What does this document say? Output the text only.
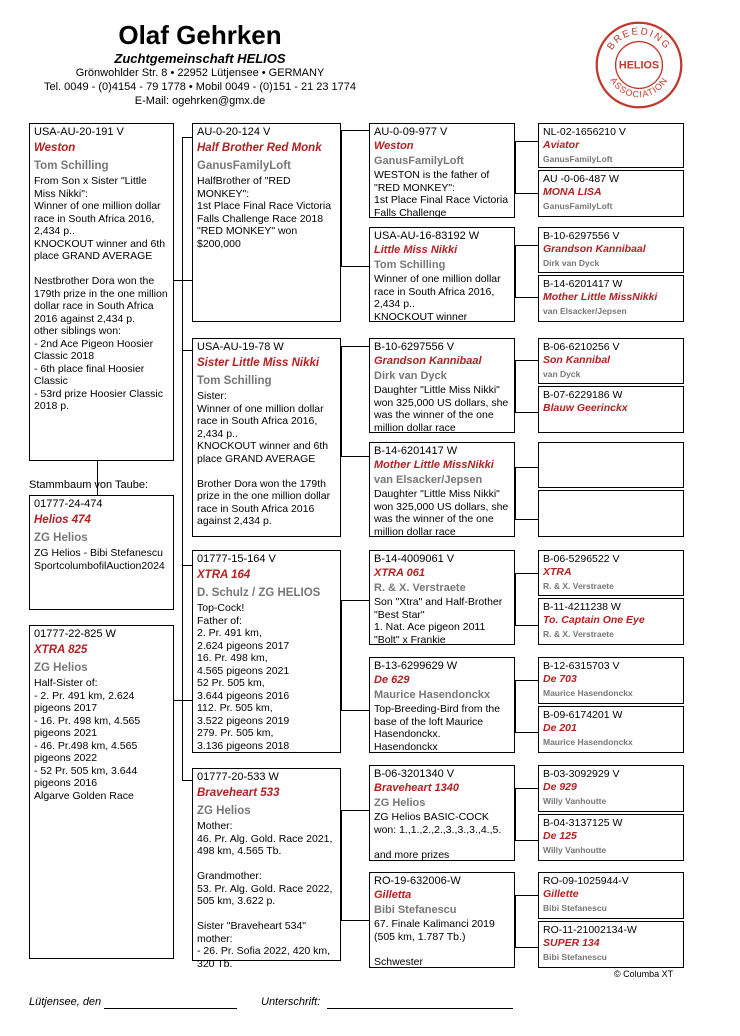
Olaf Gehrken
Zuchtgemeinschaft HELIOS
Grönwohlder Str. 8 • 22952 Lütjensee • GERMANY
Tel. 0049 - (0)4154 - 79 1778 • Mobil 0049 - (0)151 - 21 23 1774
E-Mail: ogehrken@gmx.de
BREEDING
ASSOCIATION
HELIOS
USA-AU-20-191 V
Weston
Tom Schilling
From Son x Sister "Little Miss Nikki":
Winner of one million dollar race in South Africa 2016, 2,434 p..
KNOCKOUT winner and 6th place GRAND AVERAGE

Nestbrother Dora won the 179th prize in the one million dollar race in South Africa 2016 against 2,434 p.
other siblings won:
- 2nd Ace Pigeon Hoosier Classic 2018
- 6th place final Hoosier Classic
- 53rd prize Hoosier Classic 2018 p.
Stammbaum von Taube:
01777-24-474
Helios 474
ZG Helios
ZG Helios - Bibi Stefanescu SportcolumbofilAuction2024
01777-22-825 W
XTRA 825
ZG Helios
Half-Sister of:
- 2. Pr. 491 km, 2.624 pigeons 2017
- 16. Pr. 498 km, 4.565 pigeons 2021
- 46. Pr.498 km, 4.565 pigeons 2022
- 52 Pr. 505 km, 3.644 pigeons 2016
Algarve Golden Race
AU-0-20-124 V
Half Brother Red Monk
GanusFamilyLoft
HalfBrother of "RED MONKEY":
1st Place Final Race Victoria Falls Challenge Race 2018
"RED MONKEY" won $200,000
USA-AU-19-78 W
Sister Little Miss Nikki
Tom Schilling
Sister:
Winner of one million dollar race in South Africa 2016, 2,434 p..
KNOCKOUT winner and 6th place GRAND AVERAGE

Brother Dora won the 179th prize in the one million dollar race in South Africa 2016 against 2,434 p.
01777-15-164 V
XTRA 164
D. Schulz / ZG HELIOS
Top-Cock!
Father of:
2. Pr. 491 km,
2.624 pigeons 2017
16. Pr. 498 km,
4.565 pigeons 2021
52 Pr. 505 km,
3.644 pigeons 2016
112. Pr. 505 km,
3.522 pigeons 2019
279. Pr. 505 km,
3.136 pigeons 2018
01777-20-533 W
Braveheart 533
ZG Helios
Mother:
46. Pr. Alg. Gold. Race 2021, 498 km, 4.565 Tb.

Grandmother:
53. Pr. Alg. Gold. Race 2022, 505 km, 3.622 p.

Sister "Braveheart 534" mother:
- 26. Pr. Sofia 2022, 420 km, 320 Tb.
AU-0-09-977 V
Weston
GanusFamilyLoft
WESTON is the father of "RED MONKEY":
1st Place Final Race Victoria Falls Challenge
USA-AU-16-83192 W
Little Miss Nikki
Tom Schilling
Winner of one million dollar race in South Africa 2016, 2,434 p..
KNOCKOUT winner
B-10-6297556 V
Grandson Kannibaal
Dirk van Dyck
Daughter "Little Miss Nikki" won 325,000 US dollars, she was the winner of the one million dollar race
B-14-6201417 W
Mother Little MissNikki
van Elsacker/Jepsen
Daughter "Little Miss Nikki" won 325,000 US dollars, she was the winner of the one million dollar race
B-14-4009061 V
XTRA 061
R. & X. Verstraete
Son "Xtra" and Half-Brother "Best Star"
1. Nat. Ace pigeon 2011 "Bolt" x Frankie
B-13-6299629 W
De 629
Maurice Hasendonckx
Top-Breeding-Bird from the base of the loft Maurice Hasendonckx.
Hasendonckx
B-06-3201340 V
Braveheart 1340
ZG Helios
ZG Helios BASIC-COCK won: 1.,1.,2.,2.,3.,3.,3.,4.,5.

and more prizes
RO-19-632006-W
Gilletta
Bibi Stefanescu
67. Finale Kalimanci 2019 (505 km, 1.787 Tb.)

Schwester
NL-02-1656210 V
Aviator
GanusFamilyLoft
AU -0-06-487 W
MONA LISA
GanusFamilyLoft
B-10-6297556 V
Grandson Kannibaal
Dirk van Dyck
B-14-6201417 W
Mother Little MissNikki
van Elsacker/Jepsen
B-06-6210256 V
Son Kannibal
van Dyck
B-07-6229186 W
Blauw Geerinckx
B-06-5296522 V
XTRA
R. & X. Verstraete
B-11-4211238 W
To. Captain One Eye
R. & X. Verstraete
B-12-6315703 V
De 703
Maurice Hasendonckx
B-09-6174201 W
De 201
Maurice Hasendonckx
B-03-3092929 V
De 929
Willy Vanhoutte
B-04-3137125 W
De 125
Willy Vanhoutte
RO-09-1025944-V
Gillette
Bibi Stefanescu
RO-11-21002134-W
SUPER 134
Bibi Stefanescu
© Columba XT
Lütjensee, den	Unterschrift:
